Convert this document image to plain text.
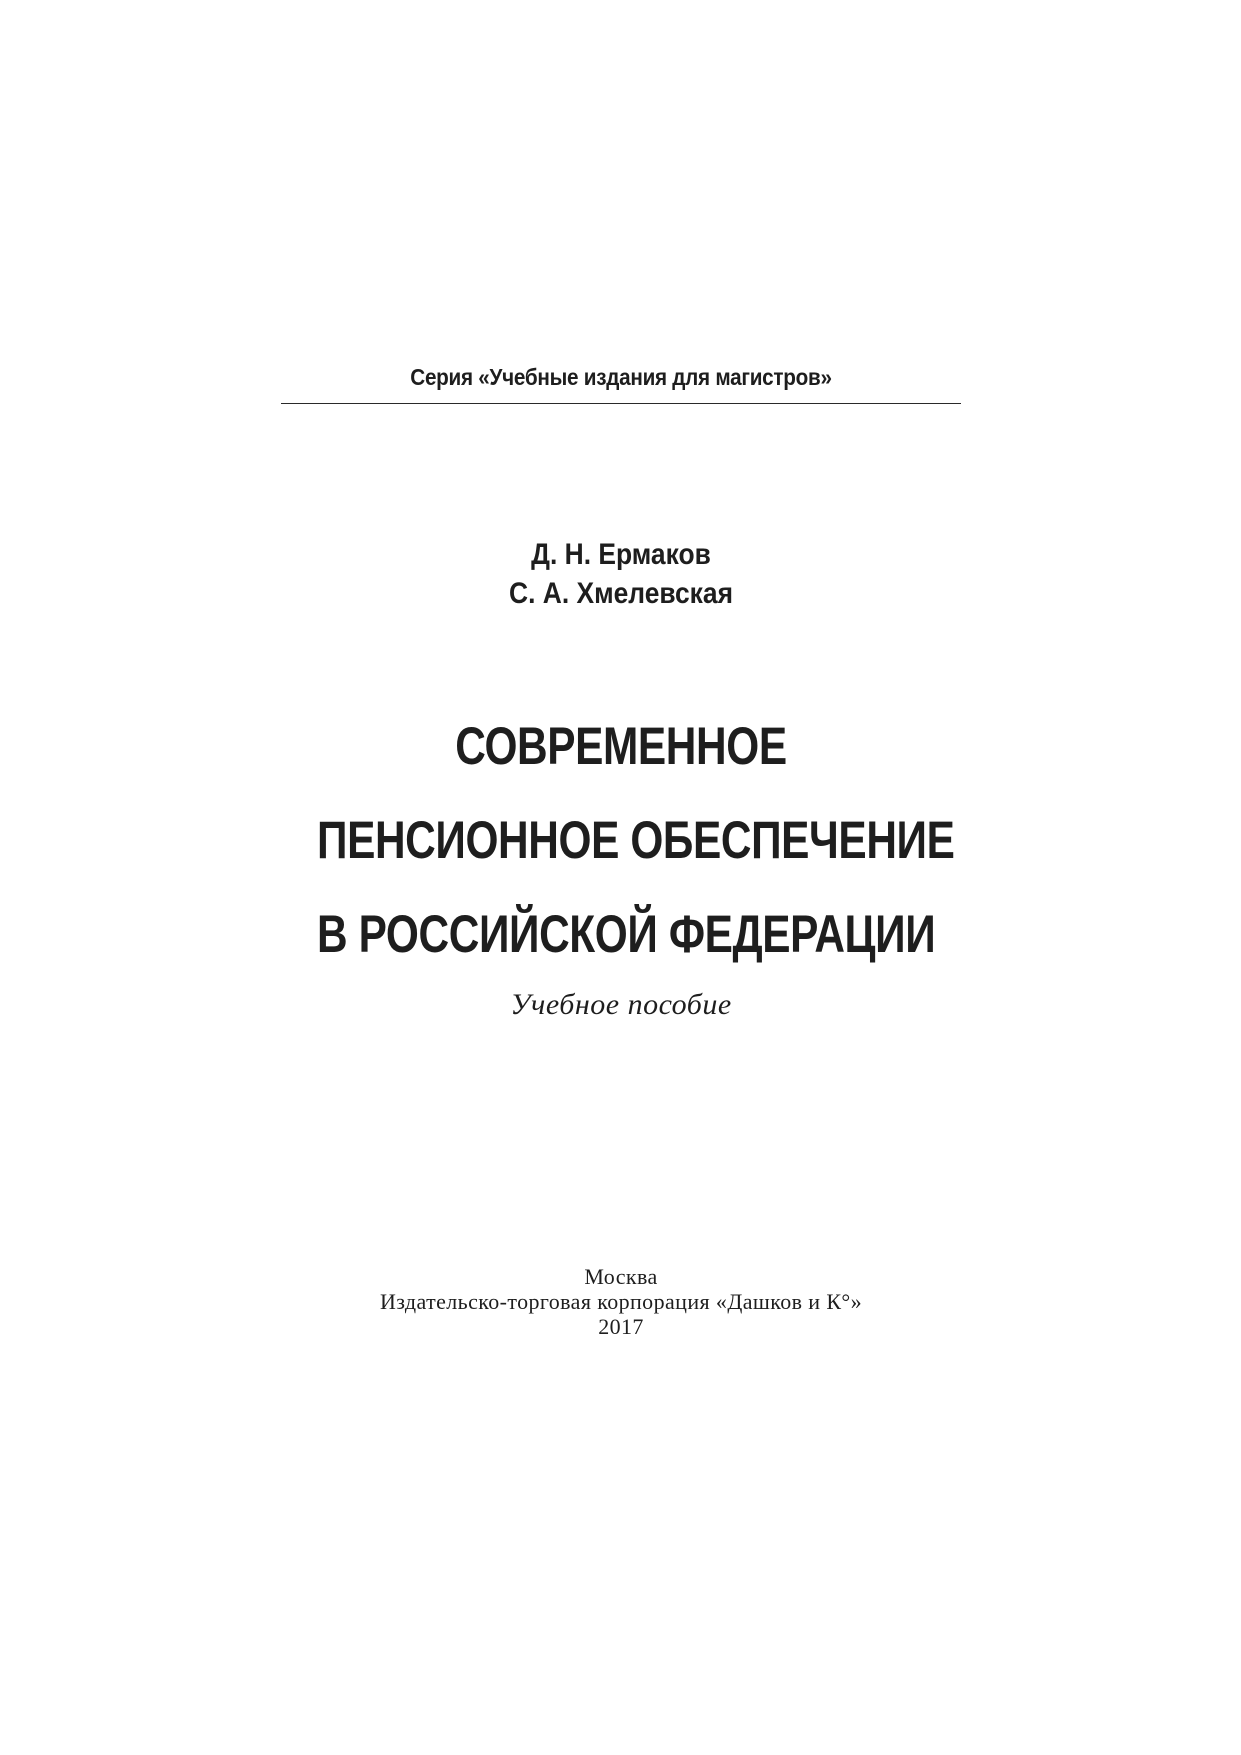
Серия «Учебные издания для магистров»
Д. Н. Ермаков
С. А. Хмелевская
СОВРЕМЕННОЕ
ПЕНСИОННОЕ ОБЕСПЕЧЕНИЕ
В РОССИЙСКОЙ ФЕДЕРАЦИИ
Учебное пособие
Москва
Издательско-торговая корпорация «Дашков и К°»
2017
